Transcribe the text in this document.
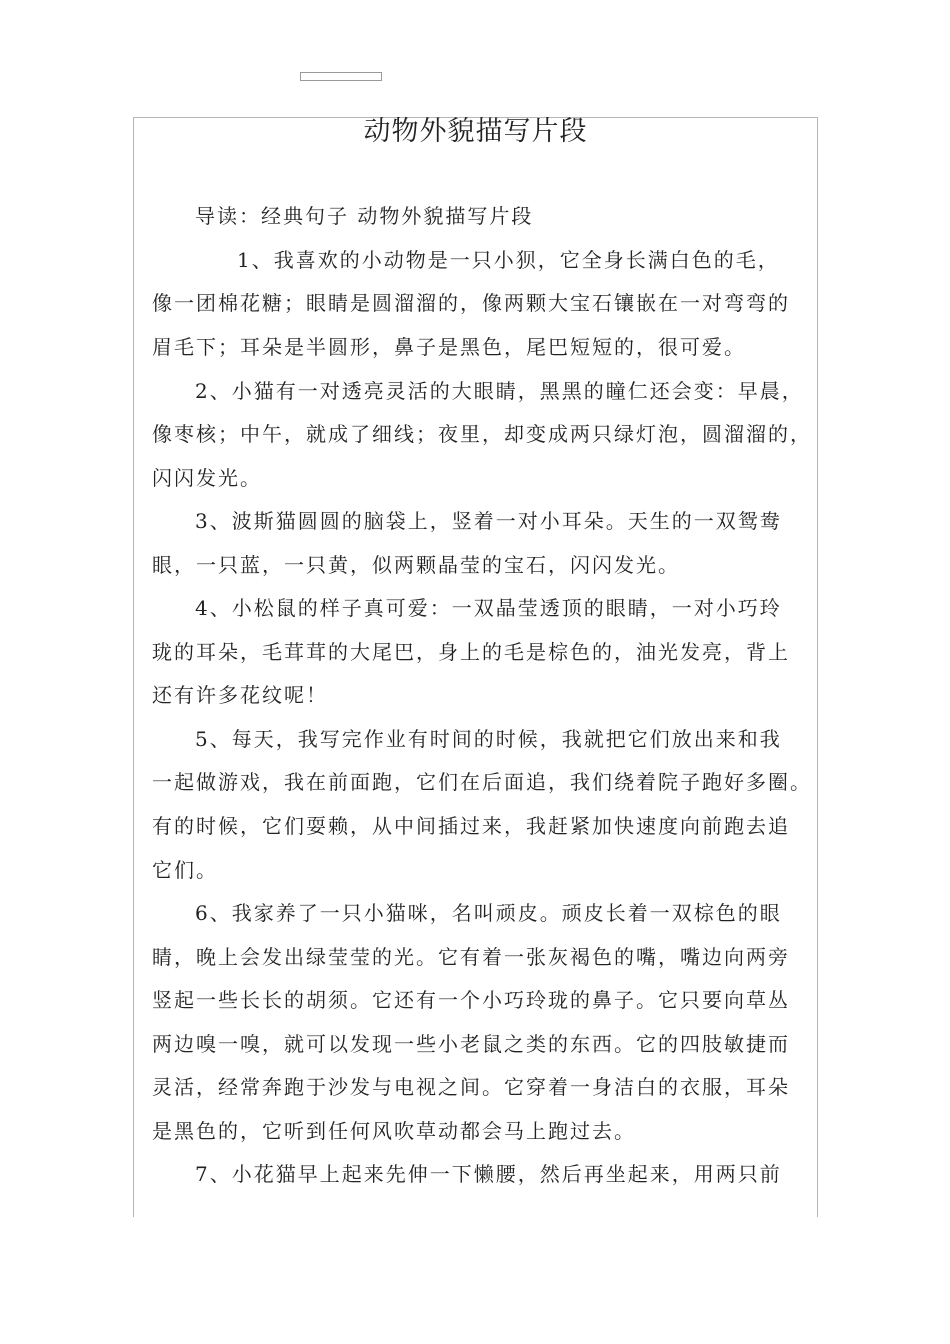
动物外貌描写片段
导读：经典句子 动物外貌描写片段
1、我喜欢的小动物是一只小狈，它全身长满白色的毛，
像一团棉花糖；眼睛是圆溜溜的，像两颗大宝石镶嵌在一对弯弯的
眉毛下；耳朵是半圆形，鼻子是黑色，尾巴短短的，很可爱。
2、小猫有一对透亮灵活的大眼睛，黑黑的瞳仁还会变：早晨，
像枣核；中午，就成了细线；夜里，却变成两只绿灯泡，圆溜溜的，
闪闪发光。
3、波斯猫圆圆的脑袋上，竖着一对小耳朵。天生的一双鸳鸯
眼，一只蓝，一只黄，似两颗晶莹的宝石，闪闪发光。
4、小松鼠的样子真可爱：一双晶莹透顶的眼睛，一对小巧玲
珑的耳朵，毛茸茸的大尾巴，身上的毛是棕色的，油光发亮，背上
还有许多花纹呢！
5、每天，我写完作业有时间的时候，我就把它们放出来和我
一起做游戏，我在前面跑，它们在后面追，我们绕着院子跑好多圈。
有的时候，它们耍赖，从中间插过来，我赶紧加快速度向前跑去追
它们。
6、我家养了一只小猫咪，名叫顽皮。顽皮长着一双棕色的眼
睛，晚上会发出绿莹莹的光。它有着一张灰褐色的嘴，嘴边向两旁
竖起一些长长的胡须。它还有一个小巧玲珑的鼻子。它只要向草丛
两边嗅一嗅，就可以发现一些小老鼠之类的东西。它的四肢敏捷而
灵活，经常奔跑于沙发与电视之间。它穿着一身洁白的衣服，耳朵
是黑色的，它听到任何风吹草动都会马上跑过去。
7、小花猫早上起来先伸一下懒腰，然后再坐起来，用两只前
